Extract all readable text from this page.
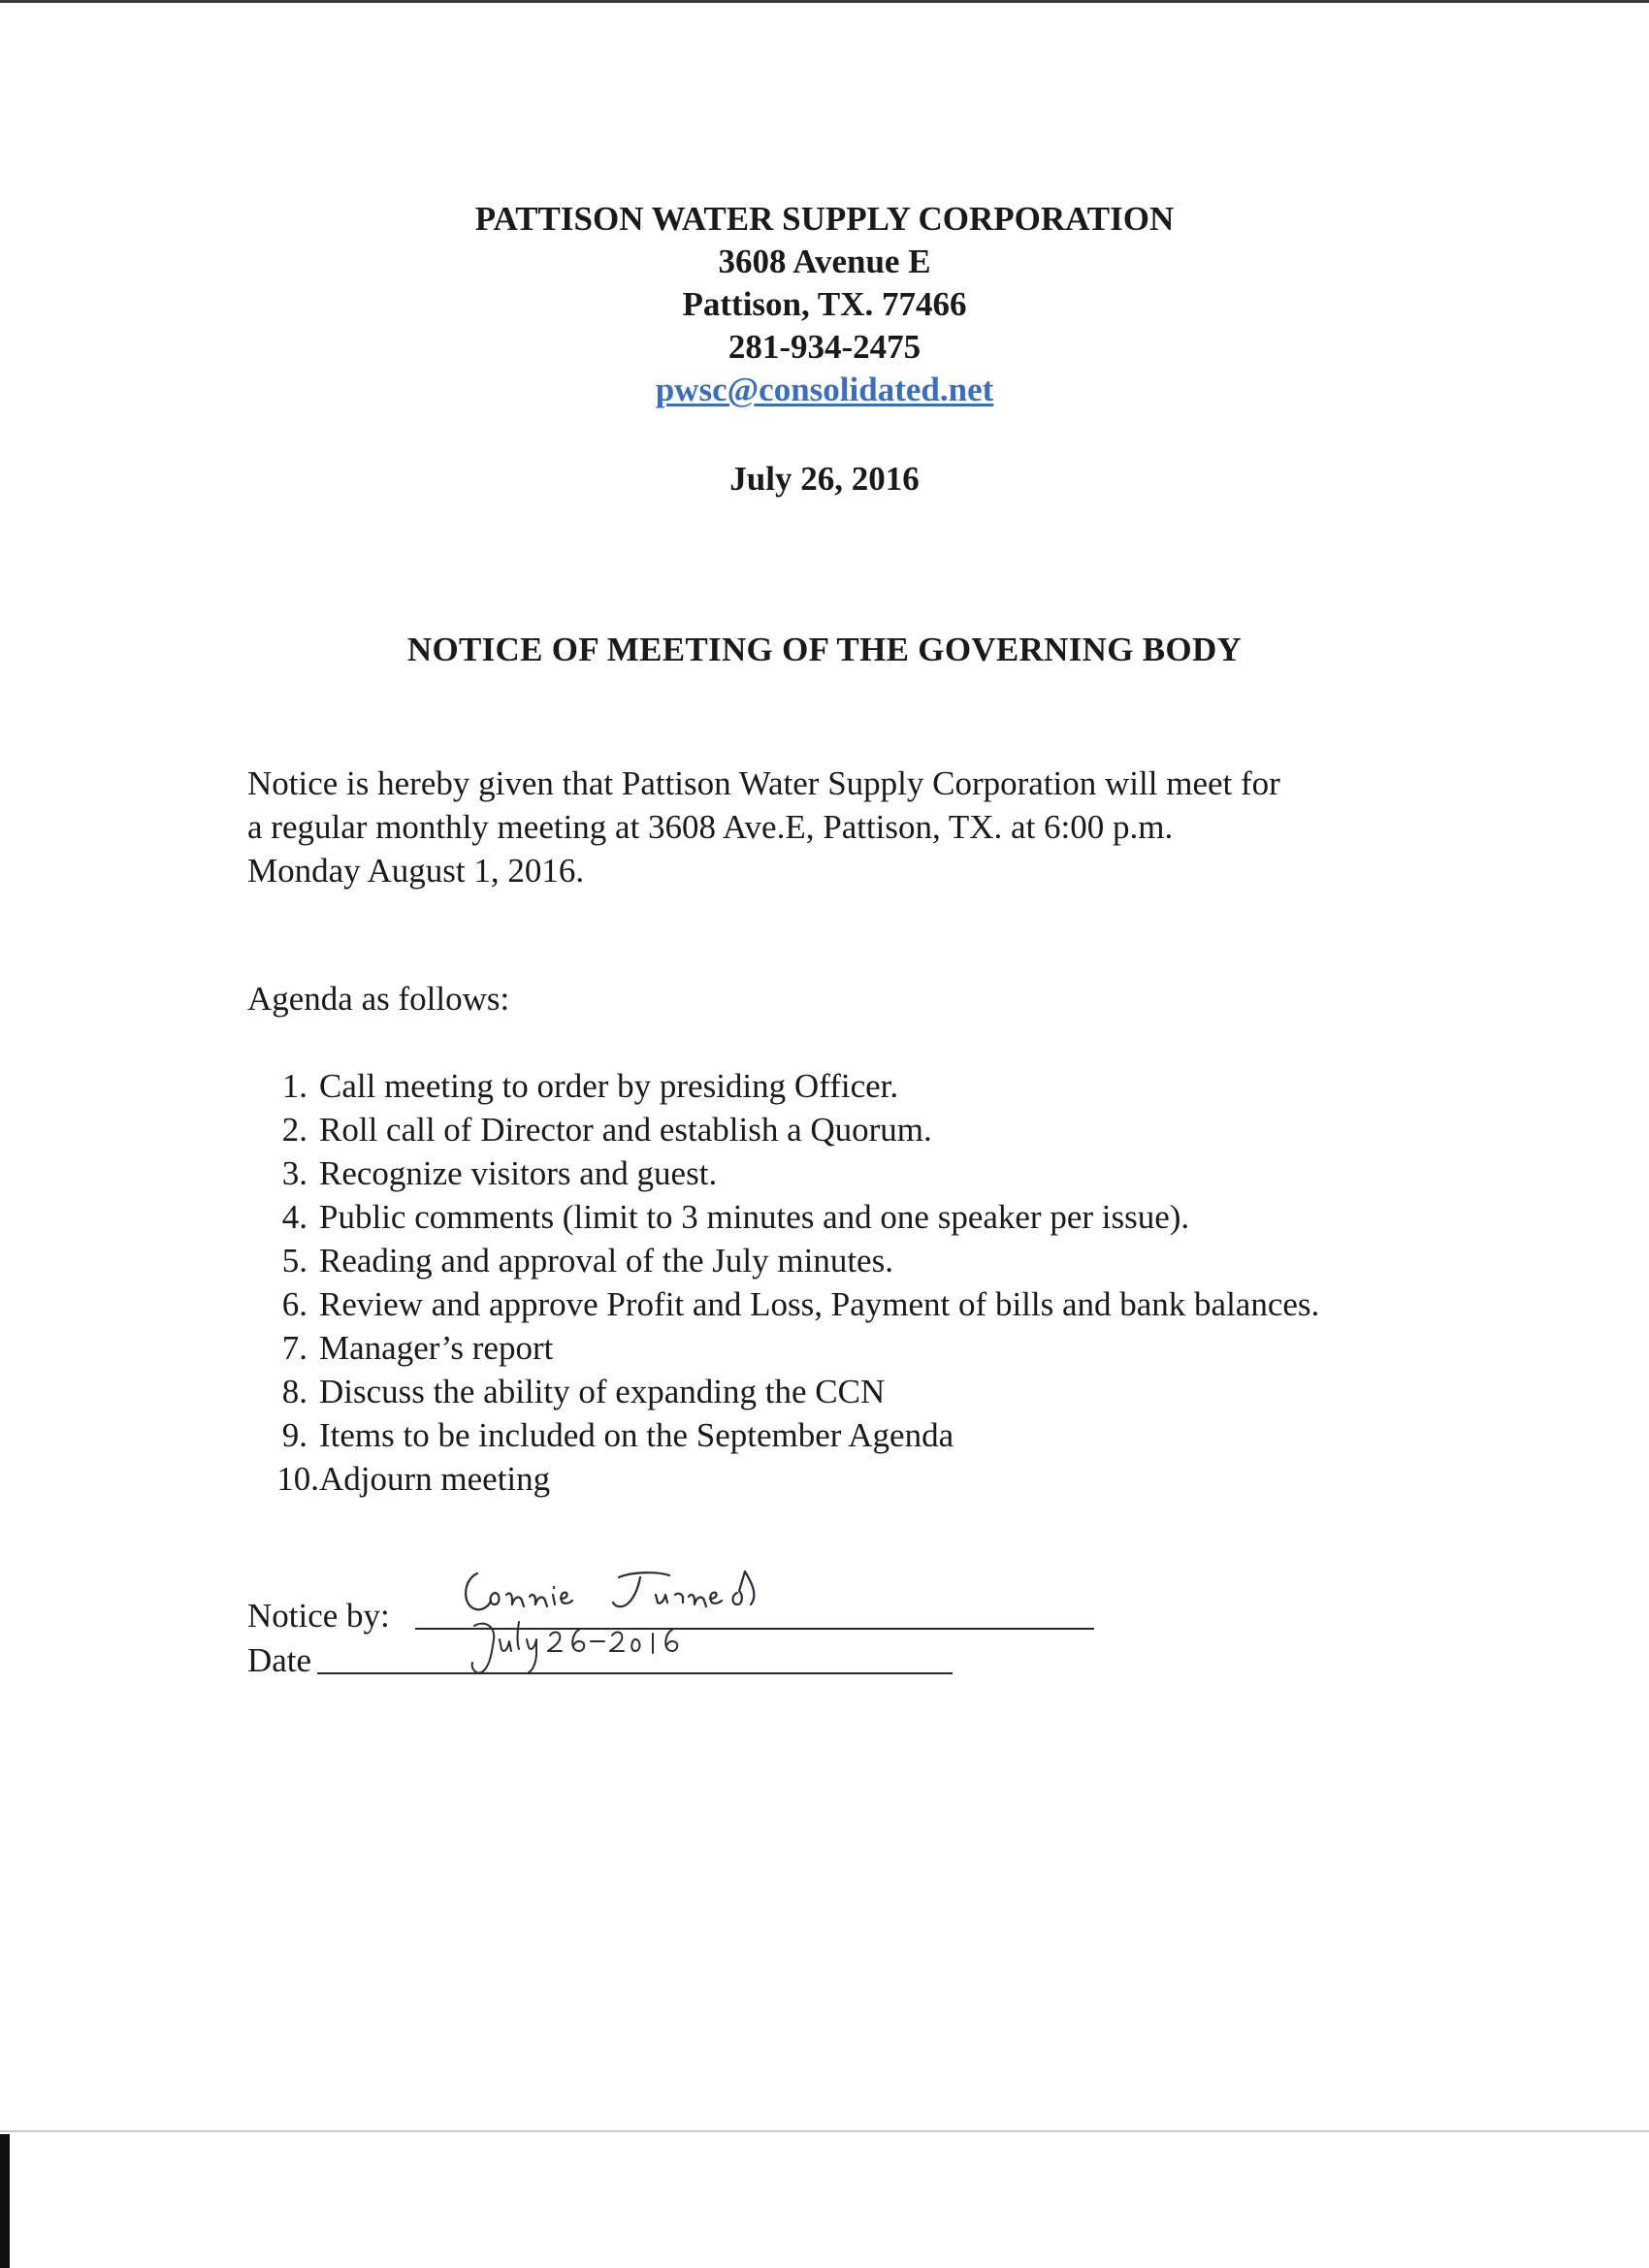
PATTISON WATER SUPPLY CORPORATION
3608 Avenue E
Pattison, TX. 77466
281-934-2475
pwsc@consolidated.net
July 26, 2016
NOTICE OF MEETING OF THE GOVERNING BODY
Notice is hereby given that Pattison Water Supply Corporation will meet for
a regular monthly meeting at 3608 Ave.E, Pattison, TX. at 6:00 p.m.
Monday August 1, 2016.
Agenda as follows:
1. Call meeting to order by presiding Officer.
2. Roll call of Director and establish a Quorum.
3. Recognize visitors and guest.
4. Public comments (limit to 3 minutes and one speaker per issue).
5. Reading and approval of the July minutes.
6. Review and approve Profit and Loss, Payment of bills and bank balances.
7. Manager’s report
8. Discuss the ability of expanding the CCN
9. Items to be included on the September Agenda
10. Adjourn meeting
Notice by:
Date
